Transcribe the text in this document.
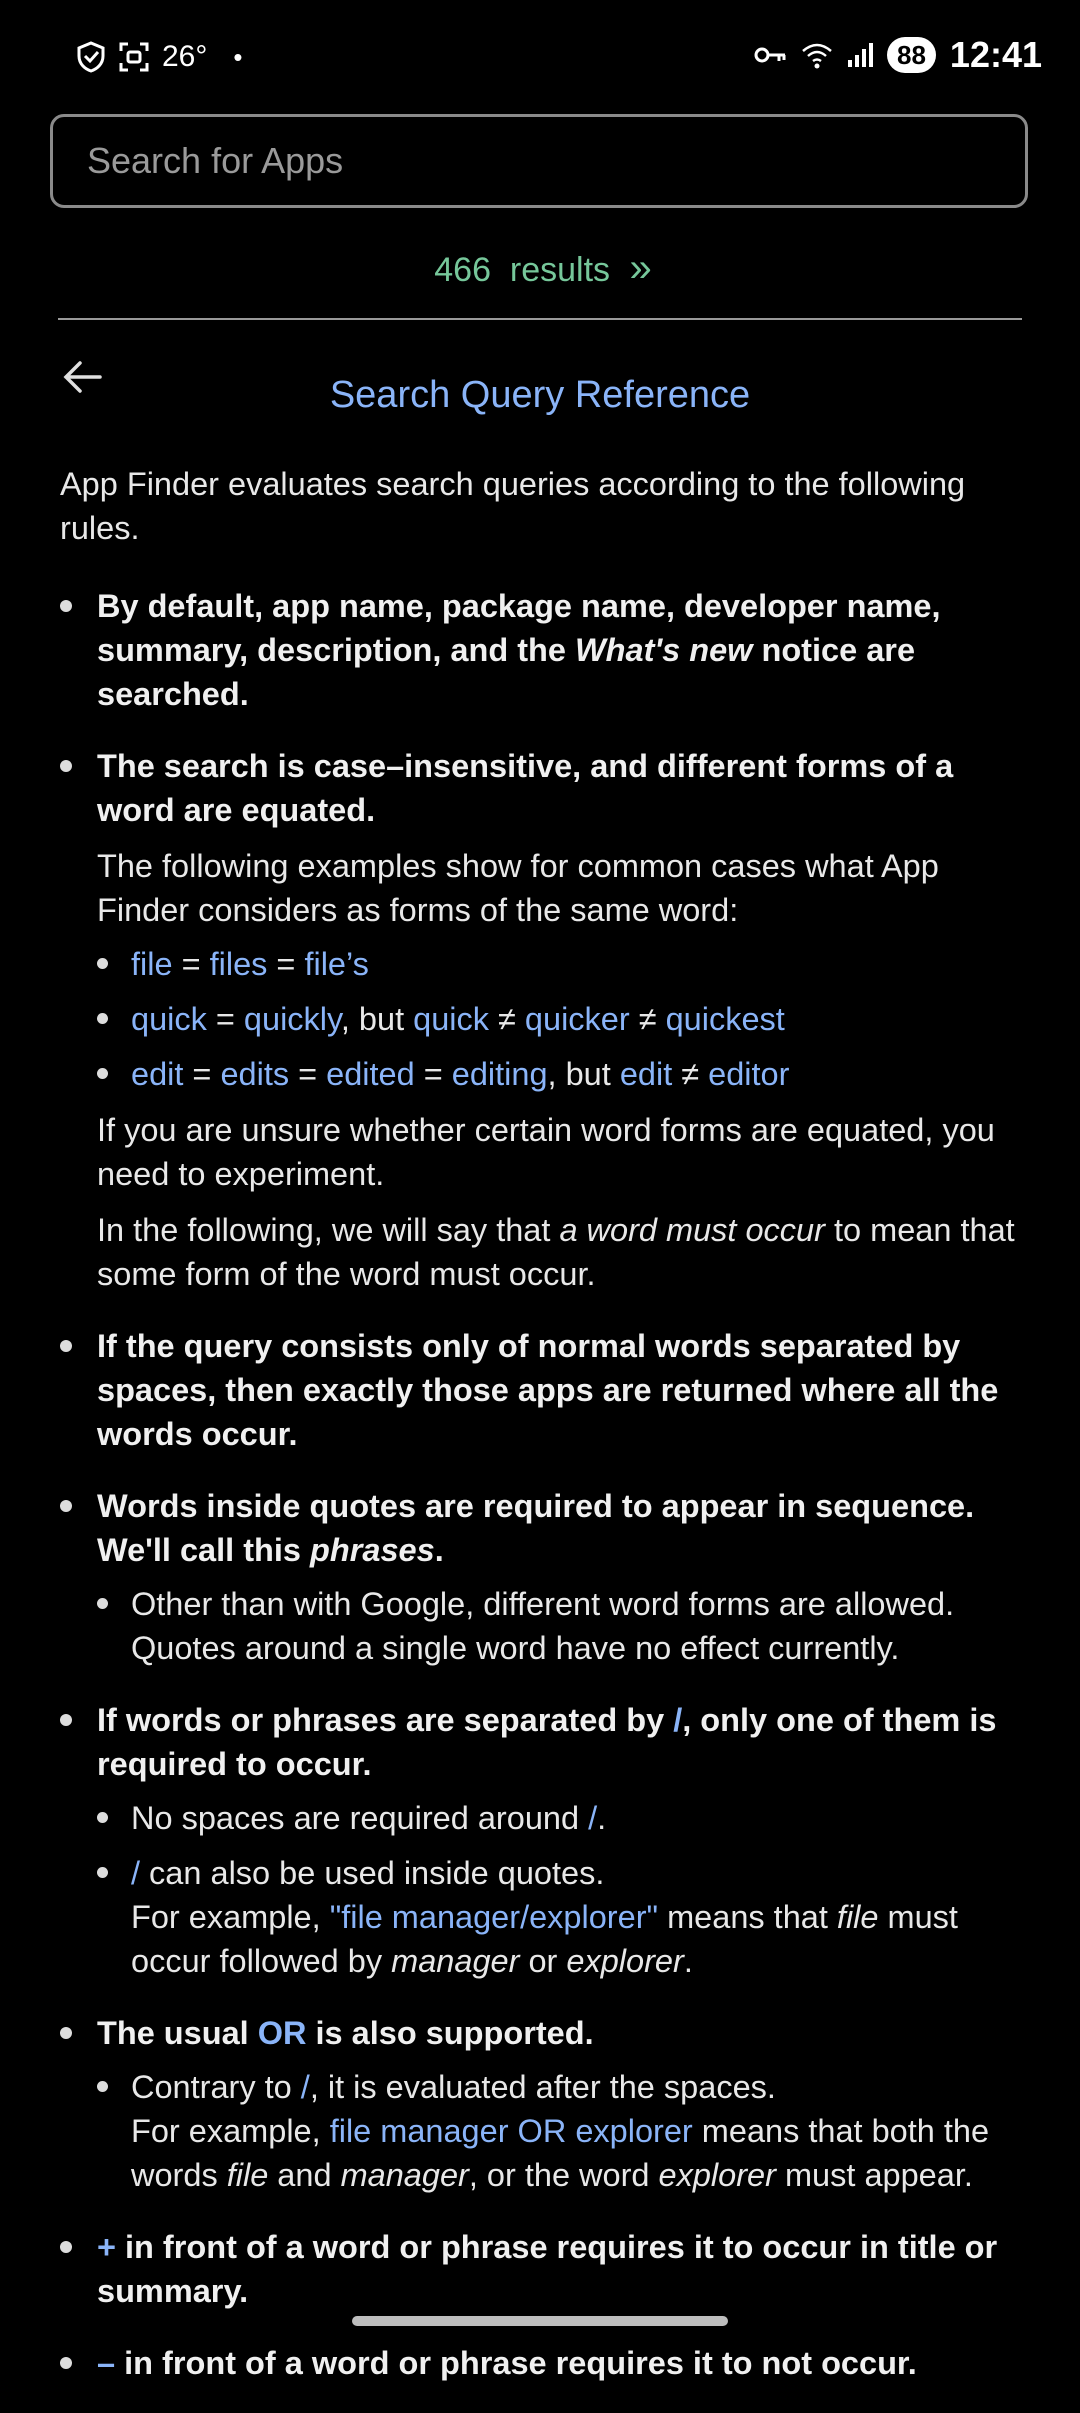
26° •	88 12:41
Search for Apps
466 results »
Search Query Reference

App Finder evaluates search queries according to the following rules.

By default, app name, package name, developer name, summary, description, and the What's new notice are searched.
The search is case–insensitive, and different forms of a word are equated.
The following examples show for common cases what App Finder considers as forms of the same word:
file = files = file’s
quick = quickly, but quick ≠ quicker ≠ quickest
edit = edits = edited = editing, but edit ≠ editor
If you are unsure whether certain word forms are equated, you need to experiment.
In the following, we will say that a word must occur to mean that some form of the word must occur.
If the query consists only of normal words separated by spaces, then exactly those apps are returned where all the words occur.
Words inside quotes are required to appear in sequence. We'll call this phrases.
Other than with Google, different word forms are allowed. Quotes around a single word have no effect currently.
If words or phrases are separated by /, only one of them is required to occur.
No spaces are required around /.
/ can also be used inside quotes.
For example, "file manager/explorer" means that file must occur followed by manager or explorer.
The usual OR is also supported.
Contrary to /, it is evaluated after the spaces.
For example, file manager OR explorer means that both the words file and manager, or the word explorer must appear.
+ in front of a word or phrase requires it to occur in title or summary.
– in front of a word or phrase requires it to not occur.
